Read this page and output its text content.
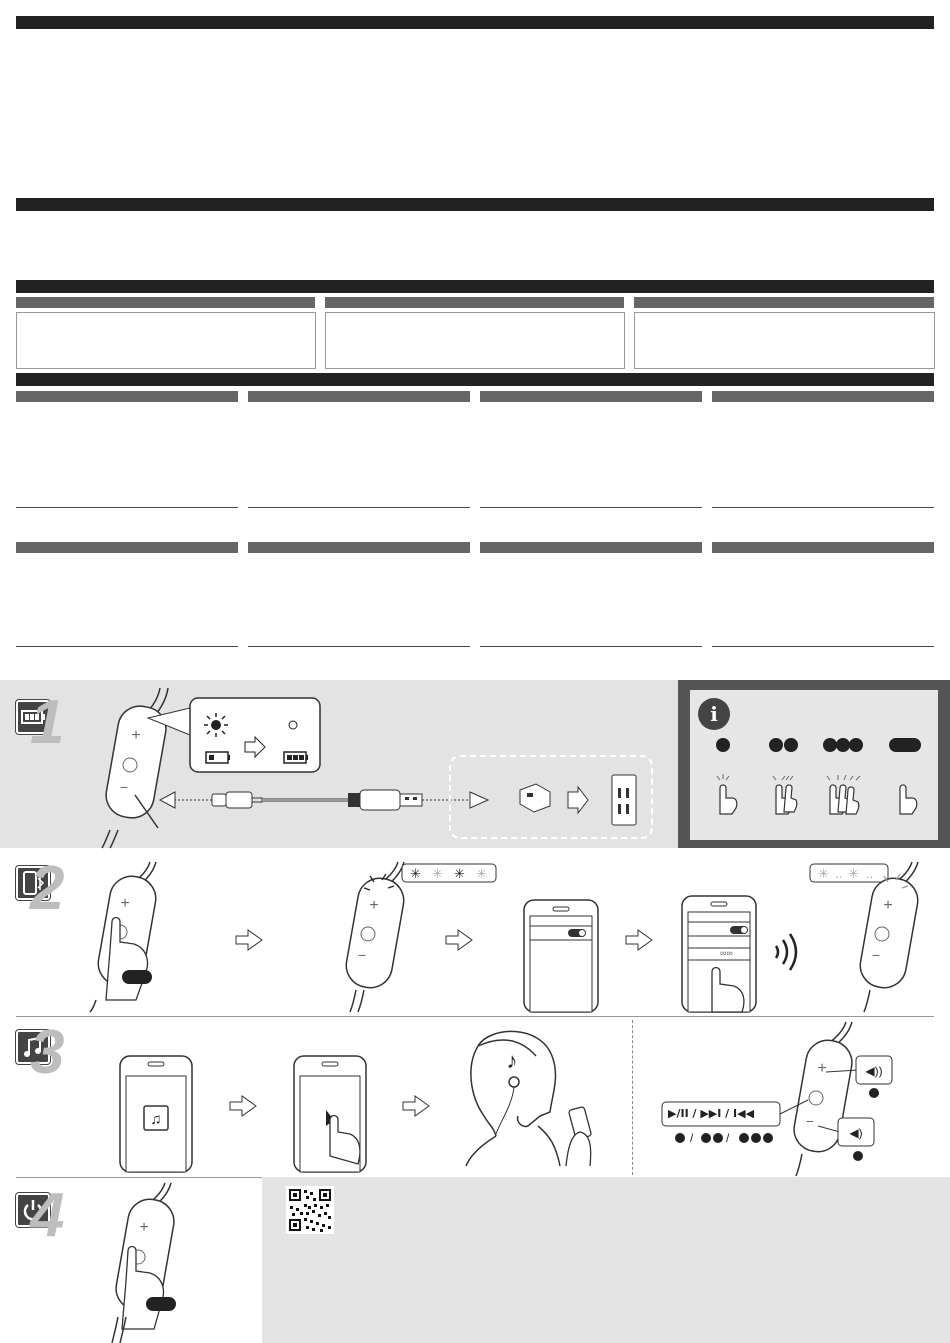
1	+
−
i
2	+	+
−
✳ ✳ ✳ ✳
∞∞
✳ .. ✳ ..
+
−
3
♫
♪	+
−
◀))
◀)
/	/
▶/II / ▶▶I / I◀◀
4	+
